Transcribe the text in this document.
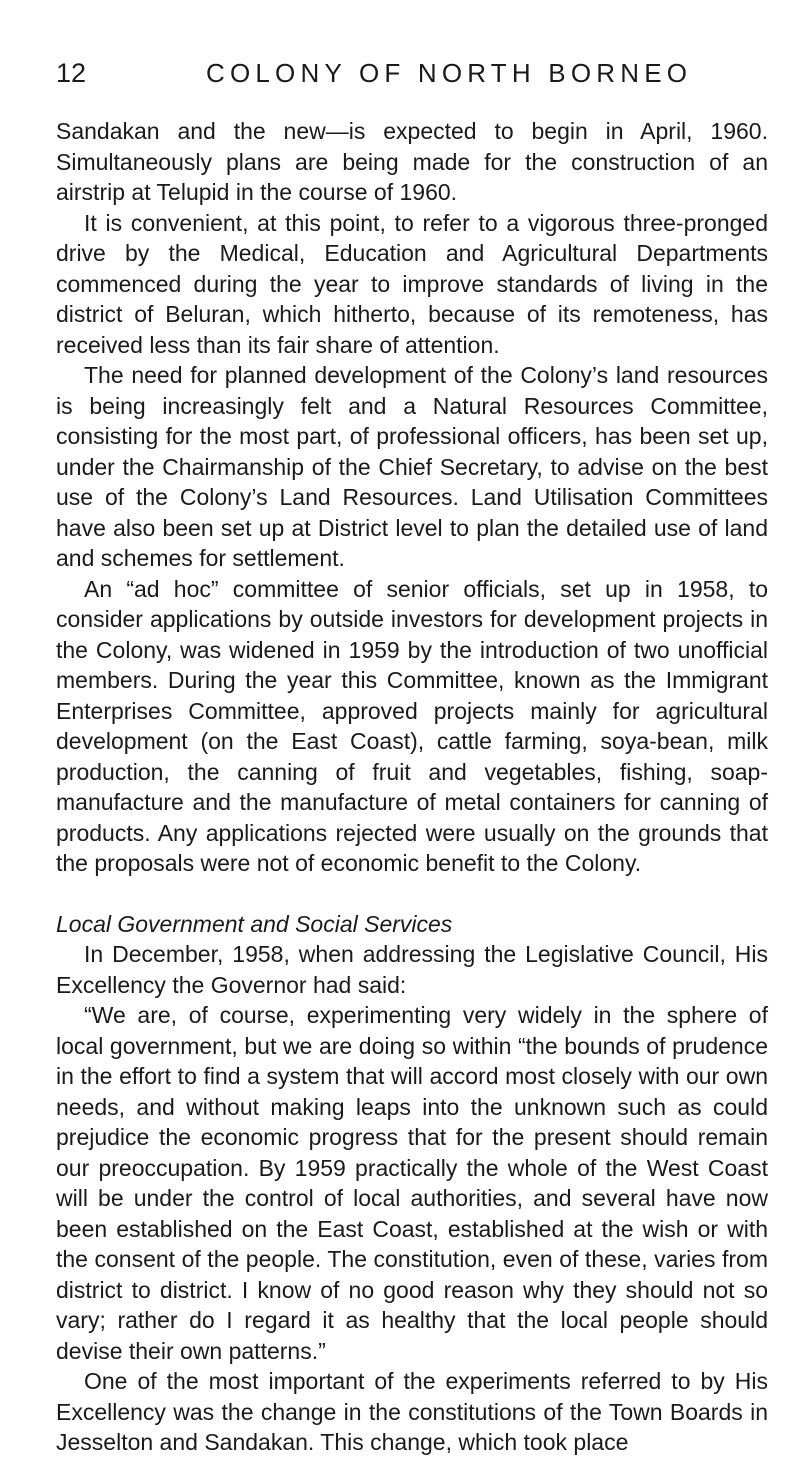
12	COLONY OF NORTH BORNEO

Sandakan and the new—is expected to begin in April, 1960. Simultaneously plans are being made for the construction of an airstrip at Telupid in the course of 1960.

It is convenient, at this point, to refer to a vigorous three-pronged drive by the Medical, Education and Agricultural Departments commenced during the year to improve standards of living in the district of Beluran, which hitherto, because of its remoteness, has received less than its fair share of attention.

The need for planned development of the Colony’s land resources is being increasingly felt and a Natural Resources Committee, consisting for the most part, of professional officers, has been set up, under the Chairmanship of the Chief Secretary, to advise on the best use of the Colony’s Land Resources. Land Utilisation Committees have also been set up at District level to plan the detailed use of land and schemes for settlement.

An “ad hoc” committee of senior officials, set up in 1958, to consider applications by outside investors for development projects in the Colony, was widened in 1959 by the introduction of two unofficial members. During the year this Committee, known as the Immigrant Enterprises Committee, approved projects mainly for agricultural development (on the East Coast), cattle farming, soya-bean, milk production, the canning of fruit and vegetables, fishing, soap-manufacture and the manufacture of metal containers for canning of products. Any applications rejected were usually on the grounds that the proposals were not of economic benefit to the Colony.

Local Government and Social Services

In December, 1958, when addressing the Legislative Council, His Excellency the Governor had said:

“We are, of course, experimenting very widely in the sphere of local government, but we are doing so within “the bounds of prudence in the effort to find a system that will accord most closely with our own needs, and without making leaps into the unknown such as could prejudice the economic progress that for the present should remain our preoccupation. By 1959 practically the whole of the West Coast will be under the control of local authorities, and several have now been established on the East Coast, established at the wish or with the consent of the people. The constitution, even of these, varies from district to district. I know of no good reason why they should not so vary; rather do I regard it as healthy that the local people should devise their own patterns.”

One of the most important of the experiments referred to by His Excellency was the change in the constitutions of the Town Boards in Jesselton and Sandakan. This change, which took place
